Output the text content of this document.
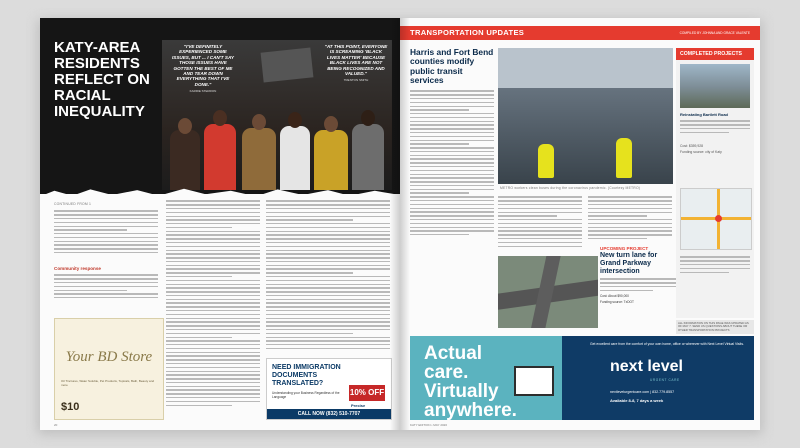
KATY-AREA RESIDENTS REFLECT ON RACIAL INEQUALITY
"I'VE DEFINITELY EXPERIENCED SOME ISSUES, BUT ... I CAN'T SAY THOSE ISSUES HAVE GOTTEN THE BEST OF ME AND TEAR DOWN EVERYTHING THAT I'VE DONE."
KARRIE STERRON
"AT THIS POINT, EVERYONE IS SCREAMING 'BLACK LIVES MATTER' BECAUSE BLACK LIVES ARE NOT BEING RECOGNIZED AND VALUED."
TRENTON SMITH
CONTINUED FROM 1
Community response
Your BD Store
Oil Tinctures, Water Soluble, Pet Products, Topicals, Bath, Beauty and more
$10
NEED IMMIGRATION DOCUMENTS TRANSLATED?
10% OFF
Understanding your Business Regardless of the Language
Precise
CALL NOW (832) 510-7707
20
TRANSPORTATION UPDATES	COMPILED BY JOHNNA AND GRACE VALENTE
Harris and Fort Bend counties modify public transit services
METRO workers clean buses during the coronavirus pandemic. (Courtesy METRO)
UPCOMING PROJECT
New turn lane for Grand Parkway intersection
Cost: About $90,000
Funding source: TxDOT
COMPLETED PROJECTS
Reinstating Bartlett Road
Cost: $359,928
Funding source: city of Katy
ALL INFORMATION ON THIS PAGE WAS UPDATED AS OF MAY 7. SEND US QUESTIONS ABOUT THESE OR OTHER TRANSPORTATION PROJECTS
Actual care. Virtually anywhere.
Get excellent care from the comfort of your own home, office or wherever with Next Level Virtual Visits.
next level
URGENT CARE
nextlevelurgentcare.com | 832.779.8557
Available 8-8, 7 days a week
KATY EDITION • MAY 2020
